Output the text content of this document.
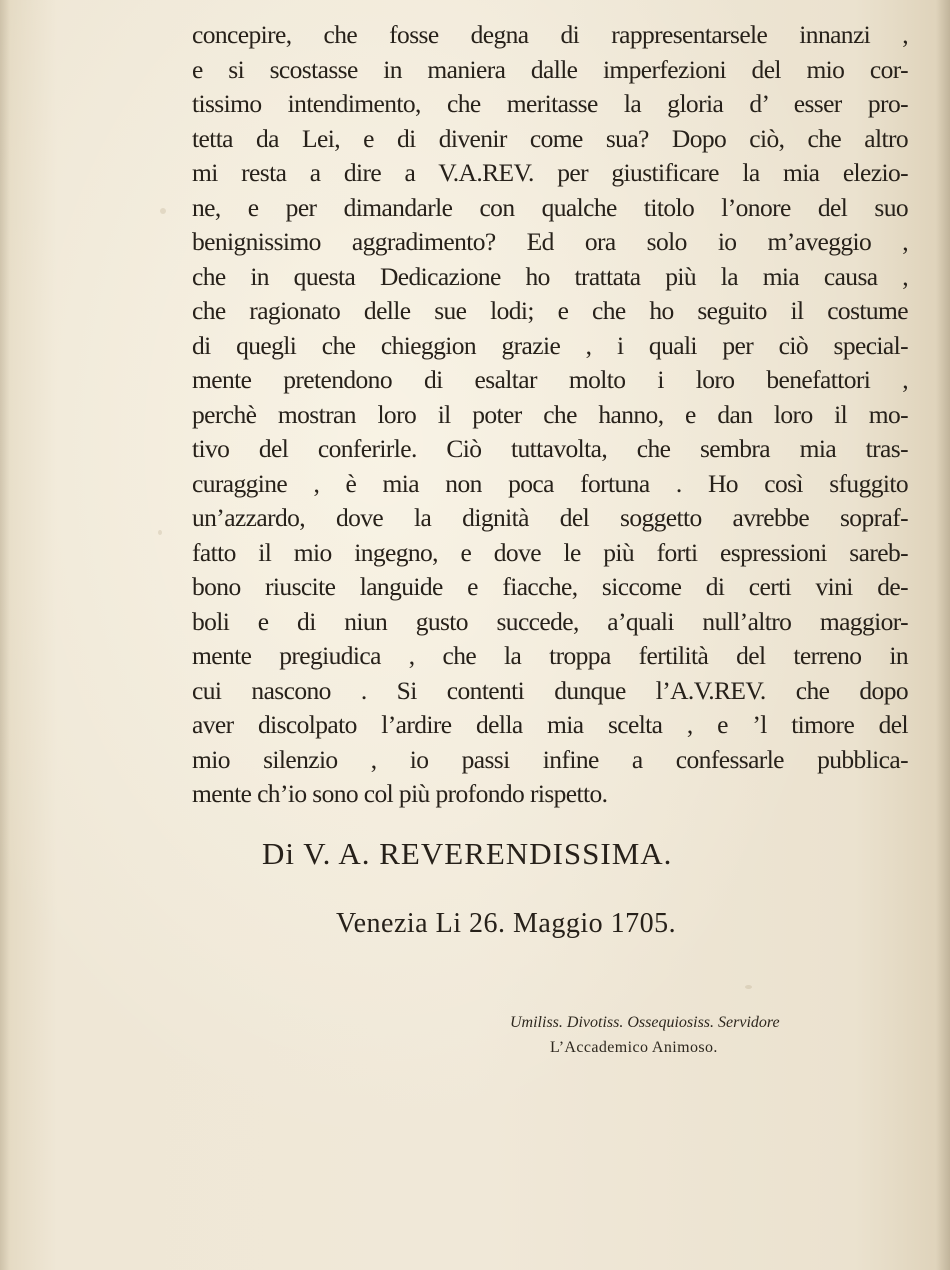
concepire, che fosse degna di rappresentarsele innanzi ,
e si scostasse in maniera dalle imperfezioni del mio cor-
tissimo intendimento, che meritasse la gloria d’ esser pro-
tetta da Lei, e di divenir come sua? Dopo ciò, che altro
mi resta a dire a V.A.REV. per giustificare la mia elezio-
ne, e per dimandarle con qualche titolo l’onore del suo
benignissimo aggradimento? Ed ora solo io m’aveggio ,
che in questa Dedicazione ho trattata più la mia causa ,
che ragionato delle sue lodi; e che ho seguito il costume
di quegli che chieggion grazie , i quali per ciò special-
mente pretendono di esaltar molto i loro benefattori ,
perchè mostran loro il poter che hanno, e dan loro il mo-
tivo del conferirle. Ciò tuttavolta, che sembra mia tras-
curaggine , è mia non poca fortuna . Ho così sfuggito
un’azzardo, dove la dignità del soggetto avrebbe sopraf-
fatto il mio ingegno, e dove le più forti espressioni sareb-
bono riuscite languide e fiacche, siccome di certi vini de-
boli e di niun gusto succede, a’quali null’altro maggior-
mente pregiudica , che la troppa fertilità del terreno in
cui nascono . Si contenti dunque l’A.V.REV. che dopo
aver discolpato l’ardire della mia scelta , e ’l timore del
mio silenzio , io passi infine a confessarle pubblica-
mente ch’io sono col più profondo rispetto.
Di V. A. REVERENDISSIMA.
Venezia Li 26. Maggio 1705.
Umiliss. Divotiss. Ossequiosiss. Servidore
L’Accademico Animoso.
